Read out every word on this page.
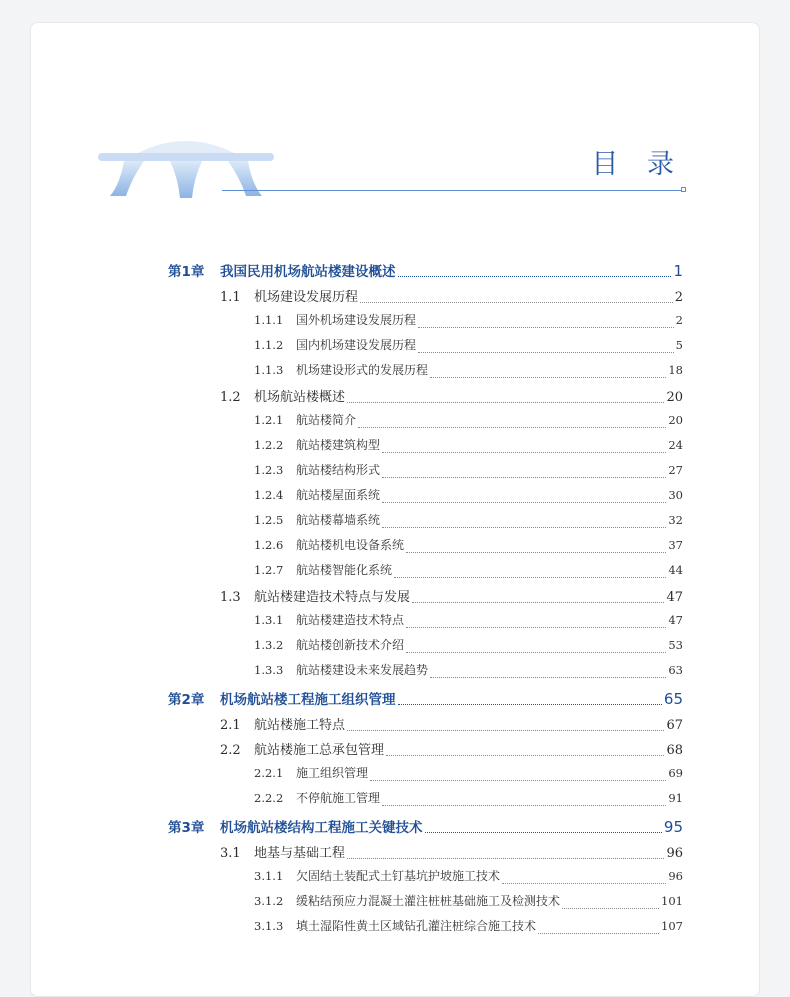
目 录
第1章	我国民用机场航站楼建设概述	1
1.1	机场建设发展历程	2
1.1.1	国外机场建设发展历程	2
1.1.2	国内机场建设发展历程	5
1.1.3	机场建设形式的发展历程	18
1.2	机场航站楼概述	20
1.2.1	航站楼简介	20
1.2.2	航站楼建筑构型	24
1.2.3	航站楼结构形式	27
1.2.4	航站楼屋面系统	30
1.2.5	航站楼幕墙系统	32
1.2.6	航站楼机电设备系统	37
1.2.7	航站楼智能化系统	44
1.3	航站楼建造技术特点与发展	47
1.3.1	航站楼建造技术特点	47
1.3.2	航站楼创新技术介绍	53
1.3.3	航站楼建设未来发展趋势	63
第2章	机场航站楼工程施工组织管理	65
2.1	航站楼施工特点	67
2.2	航站楼施工总承包管理	68
2.2.1	施工组织管理	69
2.2.2	不停航施工管理	91
第3章	机场航站楼结构工程施工关键技术	95
3.1	地基与基础工程	96
3.1.1	欠固结土装配式土钉基坑护坡施工技术	96
3.1.2	缓粘结预应力混凝土灌注桩桩基础施工及检测技术	101
3.1.3	填土湿陷性黄土区域钻孔灌注桩综合施工技术	107
